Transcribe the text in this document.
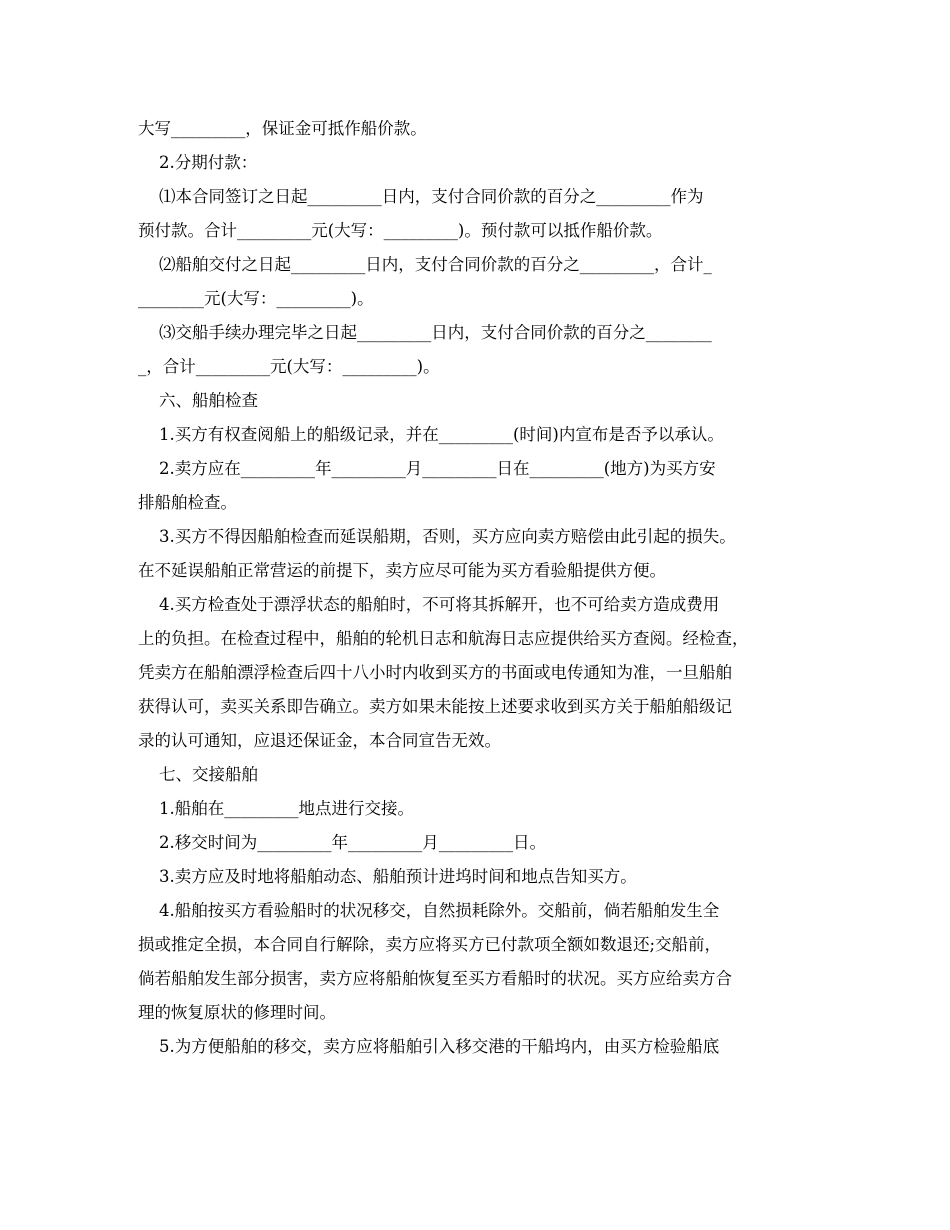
大写_________，保证金可抵作船价款。
2.分期付款：
⑴本合同签订之日起_________日内，支付合同价款的百分之_________作为
预付款。合计_________元(大写：_________)。预付款可以抵作船价款。
⑵船舶交付之日起_________日内，支付合同价款的百分之_________，合计_
________元(大写：_________)。
⑶交船手续办理完毕之日起_________日内，支付合同价款的百分之________
_，合计_________元(大写：_________)。
六、船舶检查
1.买方有权查阅船上的船级记录，并在_________(时间)内宣布是否予以承认。
2.卖方应在_________年_________月_________日在_________(地方)为买方安
排船舶检查。
3.买方不得因船舶检查而延误船期，否则，买方应向卖方赔偿由此引起的损失。
在不延误船舶正常营运的前提下，卖方应尽可能为买方看验船提供方便。
4.买方检查处于漂浮状态的船舶时，不可将其拆解开，也不可给卖方造成费用
上的负担。在检查过程中，船舶的轮机日志和航海日志应提供给买方查阅。经检查，
凭卖方在船舶漂浮检查后四十八小时内收到买方的书面或电传通知为准，一旦船舶
获得认可，卖买关系即告确立。卖方如果未能按上述要求收到买方关于船舶船级记
录的认可通知，应退还保证金，本合同宣告无效。
七、交接船舶
1.船舶在_________地点进行交接。
2.移交时间为_________年_________月_________日。
3.卖方应及时地将船舶动态、船舶预计进坞时间和地点告知买方。
4.船舶按买方看验船时的状况移交，自然损耗除外。交船前，倘若船舶发生全
损或推定全损，本合同自行解除，卖方应将买方已付款项全额如数退还;交船前，
倘若船舶发生部分损害，卖方应将船舶恢复至买方看船时的状况。买方应给卖方合
理的恢复原状的修理时间。
5.为方便船舶的移交，卖方应将船舶引入移交港的干船坞内，由买方检验船底
